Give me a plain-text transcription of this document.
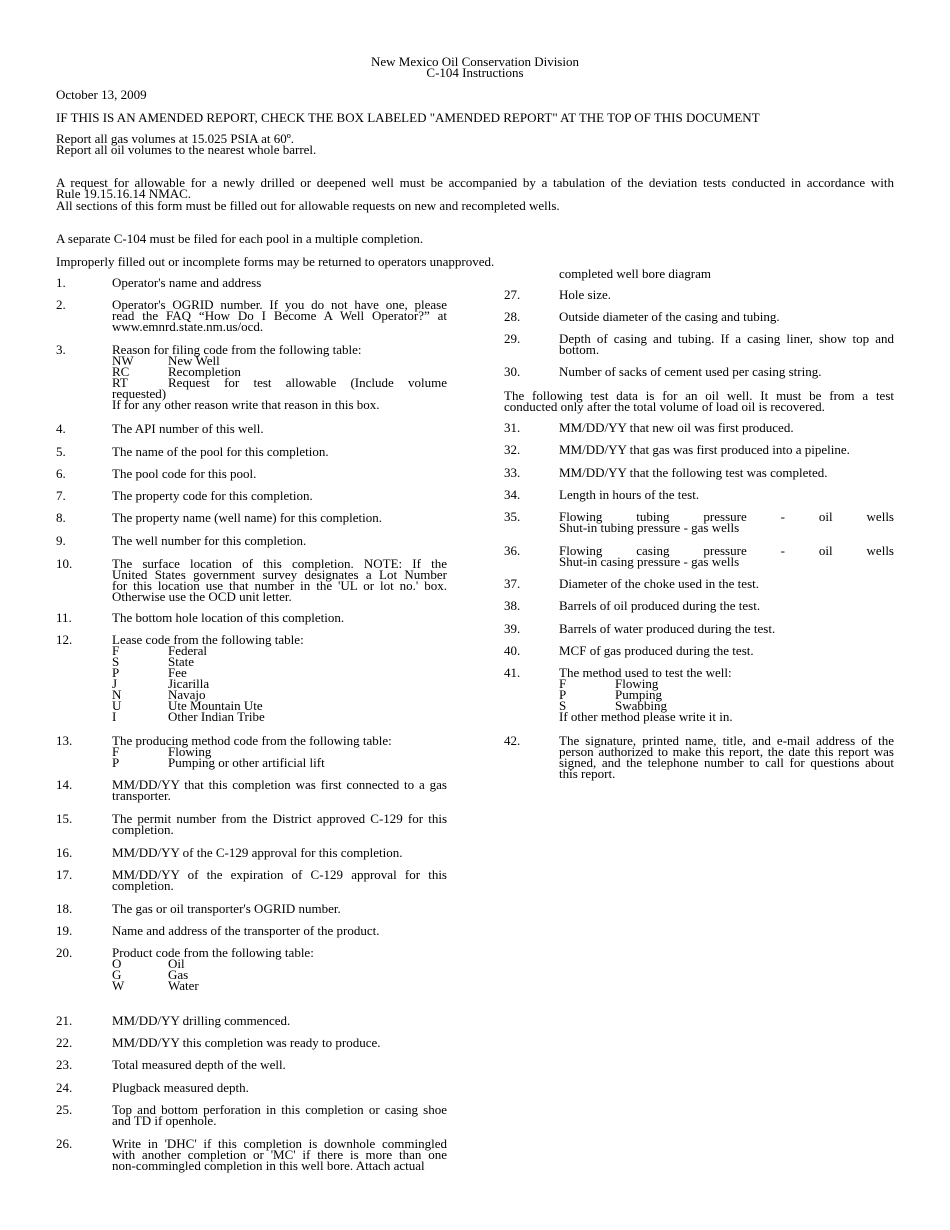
New Mexico Oil Conservation Division
C-104 Instructions
October 13, 2009
IF THIS IS AN AMENDED REPORT, CHECK THE BOX LABELED "AMENDED REPORT" AT THE TOP OF THIS DOCUMENT
Report all gas volumes at 15.025 PSIA at 60º.
Report all oil volumes to the nearest whole barrel.
A request for allowable for a newly drilled or deepened well must be accompanied by a tabulation of the deviation tests conducted in accordance with
Rule 19.15.16.14 NMAC.
All sections of this form must be filled out for allowable requests on new and recompleted wells.
A separate C-104 must be filed for each pool in a multiple completion.
Improperly filled out or incomplete forms may be returned to operators unapproved.
1.	Operator's name and address
2.	Operator's OGRID number. If you do not have one, please
read the FAQ “How Do I Become A Well Operator?” at
www.emnrd.state.nm.us/ocd.
3.	Reason for filing code from the following table:
NW	New Well
RC	Recompletion
RT	Request for test allowable (Include volume
requested)
If for any other reason write that reason in this box.
4.	The API number of this well.
5.	The name of the pool for this completion.
6.	The pool code for this pool.
7.	The property code for this completion.
8.	The property name (well name) for this completion.
9.	The well number for this completion.
10.	The surface location of this completion. NOTE: If the
United States government survey designates a Lot Number
for this location use that number in the 'UL or lot no.' box.
Otherwise use the OCD unit letter.
11.	The bottom hole location of this completion.
12.	Lease code from the following table:
F	Federal
S	State
P	Fee
J	Jicarilla
N	Navajo
U	Ute Mountain Ute
I	Other Indian Tribe
13.	The producing method code from the following table:
F	Flowing
P	Pumping or other artificial lift
14.	MM/DD/YY that this completion was first connected to a gas
transporter.
15.	The permit number from the District approved C-129 for this
completion.
16.	MM/DD/YY of the C-129 approval for this completion.
17.	MM/DD/YY of the expiration of C-129 approval for this
completion.
18.	The gas or oil transporter's OGRID number.
19.	Name and address of the transporter of the product.
20.	Product code from the following table:
O	Oil
G	Gas
W	Water
21.	MM/DD/YY drilling commenced.
22.	MM/DD/YY this completion was ready to produce.
23.	Total measured depth of the well.
24.	Plugback measured depth.
25.	Top and bottom perforation in this completion or casing shoe
and TD if openhole.
26.	Write in 'DHC' if this completion is downhole commingled
with another completion or 'MC' if there is more than one
non-commingled completion in this well bore. Attach actual
completed well bore diagram
27.	Hole size.
28.	Outside diameter of the casing and tubing.
29.	Depth of casing and tubing. If a casing liner, show top and
bottom.
30.	Number of sacks of cement used per casing string.
The following test data is for an oil well. It must be from a test
conducted only after the total volume of load oil is recovered.
31.	MM/DD/YY that new oil was first produced.
32.	MM/DD/YY that gas was first produced into a pipeline.
33.	MM/DD/YY that the following test was completed.
34.	Length in hours of the test.
35.	Flowing tubing pressure - oil wells
Shut-in tubing pressure - gas wells
36.	Flowing casing pressure - oil wells
Shut-in casing pressure - gas wells
37.	Diameter of the choke used in the test.
38.	Barrels of oil produced during the test.
39.	Barrels of water produced during the test.
40.	MCF of gas produced during the test.
41.	The method used to test the well:
F	Flowing
P	Pumping
S	Swabbing
If other method please write it in.
42.	The signature, printed name, title, and e-mail address of the
person authorized to make this report, the date this report was
signed, and the telephone number to call for questions about
this report.
